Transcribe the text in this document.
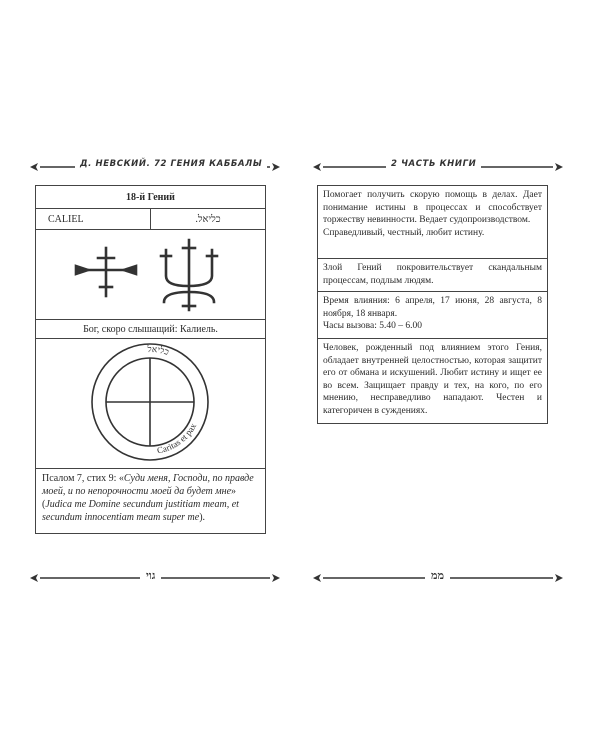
Д. НЕВСКИЙ. 72 ГЕНИЯ КАББАЛЫ	2 ЧАСТЬ КНИГИ
18-й Гений
CALIEL	כליאל.

Бог, скоро слышащий: Калиель.

כליאל
Caritas et pax

Псалом 7, стих 9: «Суди меня, Господи, по правде моей, и по непорочности моей да будет мне» (Judica me Domine secundum justitiam meam, et secundum innocentiam meam super me).
Помогает получить скорую помощь в делах. Дает понимание истины в процессах и способствует торжеству невинности. Ведает судопроизводством.
Справедливый, честный, любит истину.

Злой Гений покровительствует скандальным процессам, подлым людям.

Время влияния: 6 апреля, 17 июня, 28 августа, 8 ноября, 18 января.
Часы вызова: 5.40 – 6.00

Человек, рожденный под влиянием этого Гения, обладает внутренней целостностью, которая защитит его от обмана и искушений. Любит истину и ищет ее во всем. Защищает правду и тех, на кого, по его мнению, несправедливо нападают. Честен и категоричен в суждениях.
גוי	ממ
